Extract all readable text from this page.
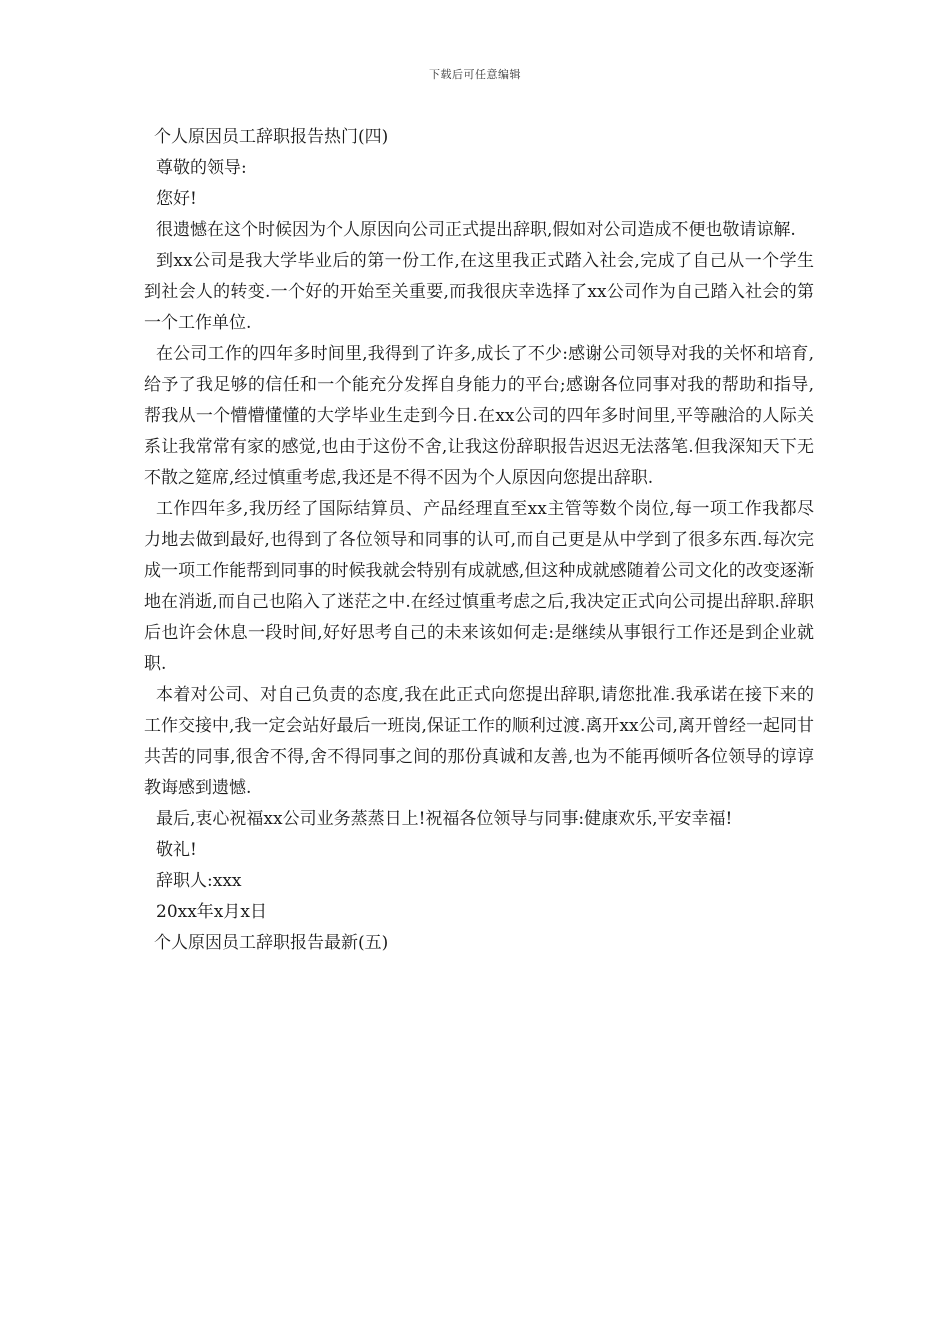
下载后可任意编辑

个人原因员工辞职报告热门(四)

尊敬的领导:

您好!

很遗憾在这个时候因为个人原因向公司正式提出辞职,假如对公司造成不便也敬请谅解.

到xx公司是我大学毕业后的第一份工作,在这里我正式踏入社会,完成了自己从一个学生到社会人的转变.一个好的开始至关重要,而我很庆幸选择了xx公司作为自己踏入社会的第一个工作单位.

在公司工作的四年多时间里,我得到了许多,成长了不少:感谢公司领导对我的关怀和培育,给予了我足够的信任和一个能充分发挥自身能力的平台;感谢各位同事对我的帮助和指导,帮我从一个懵懵懂懂的大学毕业生走到今日.在xx公司的四年多时间里,平等融洽的人际关系让我常常有家的感觉,也由于这份不舍,让我这份辞职报告迟迟无法落笔.但我深知天下无不散之筵席,经过慎重考虑,我还是不得不因为个人原因向您提出辞职.

工作四年多,我历经了国际结算员、产品经理直至xx主管等数个岗位,每一项工作我都尽力地去做到最好,也得到了各位领导和同事的认可,而自己更是从中学到了很多东西.每次完成一项工作能帮到同事的时候我就会特别有成就感,但这种成就感随着公司文化的改变逐渐地在消逝,而自己也陷入了迷茫之中.在经过慎重考虑之后,我决定正式向公司提出辞职.辞职后也许会休息一段时间,好好思考自己的未来该如何走:是继续从事银行工作还是到企业就职.

本着对公司、对自己负责的态度,我在此正式向您提出辞职,请您批准.我承诺在接下来的工作交接中,我一定会站好最后一班岗,保证工作的顺利过渡.离开xx公司,离开曾经一起同甘共苦的同事,很舍不得,舍不得同事之间的那份真诚和友善,也为不能再倾听各位领导的谆谆教诲感到遗憾.

最后,衷心祝福xx公司业务蒸蒸日上!祝福各位领导与同事:健康欢乐,平安幸福!

敬礼!

辞职人:xxx

20xx年x月x日

个人原因员工辞职报告最新(五)
